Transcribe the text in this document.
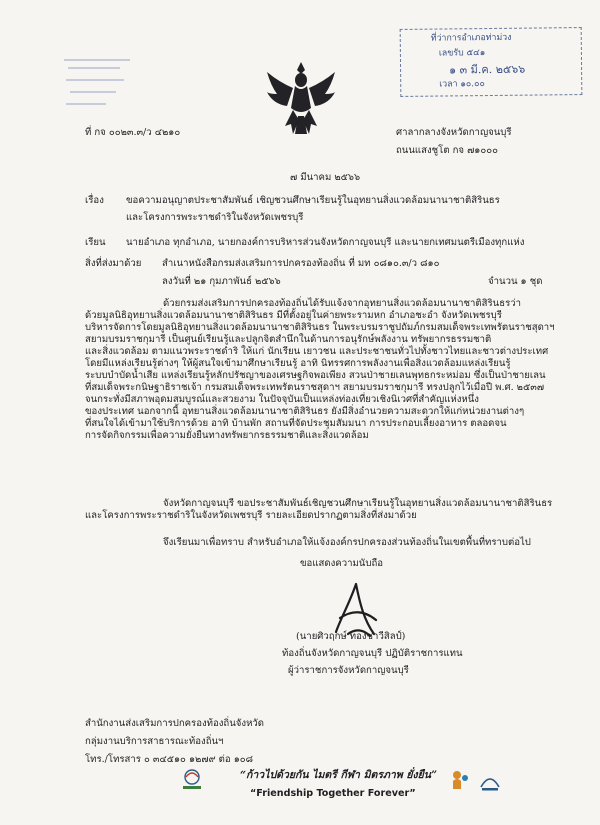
ที่ว่าการอำเภอท่าม่วง
เลขรับ ๕๔๑
๑ ๓ มี.ค. ๒๕๖๖
เวลา ๑๐.๐๐
ที่ กจ ๐๐๒๓.๓/ว ๔๒๑๐	ศาลากลางจังหวัดกาญจนบุรี
ถนนแสงชูโต กจ ๗๑๐๐๐
๗ มีนาคม ๒๕๖๖
เรื่อง ขอความอนุญาตประชาสัมพันธ์ เชิญชวนศึกษาเรียนรู้ในอุทยานสิ่งแวดล้อมนานาชาติสิรินธร
และโครงการพระราชดำริในจังหวัดเพชรบุรี
เรียน นายอำเภอ ทุกอำเภอ, นายกองค์การบริหารส่วนจังหวัดกาญจนบุรี และนายกเทศมนตรีเมืองทุกแห่ง
สิ่งที่ส่งมาด้วย สำเนาหนังสือกรมส่งเสริมการปกครองท้องถิ่น ที่ มท ๐๘๑๐.๓/ว ๘๑๐
ลงวันที่ ๒๑ กุมภาพันธ์ ๒๕๖๖	จำนวน ๑ ชุด
ด้วยกรมส่งเสริมการปกครองท้องถิ่นได้รับแจ้งจากอุทยานสิ่งแวดล้อมนานาชาติสิรินธรว่า
ด้วยมูลนิธิอุทยานสิ่งแวดล้อมนานาชาติสิรินธร มีที่ตั้งอยู่ในค่ายพระรามหก อำเภอชะอำ จังหวัดเพชรบุรี
บริหารจัดการโดยมูลนิธิอุทยานสิ่งแวดล้อมนานาชาติสิรินธร ในพระบรมราชูปถัมภ์กรมสมเด็จพระเทพรัตนราชสุดาฯ
สยามบรมราชกุมารี เป็นศูนย์เรียนรู้และปลูกจิตสำนึกในด้านการอนุรักษ์พลังงาน ทรัพยากรธรรมชาติ
และสิ่งแวดล้อม ตามแนวพระราชดำริ ให้แก่ นักเรียน เยาวชน และประชาชนทั่วไปทั้งชาวไทยและชาวต่างประเทศ
โดยมีแหล่งเรียนรู้ต่างๆ ให้ผู้สนใจเข้ามาศึกษาเรียนรู้ อาทิ นิทรรศการพลังงานเพื่อสิ่งแวดล้อมแหล่งเรียนรู้
ระบบบำบัดน้ำเสีย แหล่งเรียนรู้หลักปรัชญาของเศรษฐกิจพอเพียง สวนป่าชายเลนพุทธกระหม่อม ซึ่งเป็นป่าชายเลน
ที่สมเด็จพระกนิษฐาธิราชเจ้า กรมสมเด็จพระเทพรัตนราชสุดาฯ สยามบรมราชกุมารี ทรงปลูกไว้เมื่อปี พ.ศ. ๒๕๓๗
จนกระทั่งมีสภาพอุดมสมบูรณ์และสวยงาม ในปัจจุบันเป็นแหล่งท่องเที่ยวเชิงนิเวศที่สำคัญแห่งหนึ่ง
ของประเทศ นอกจากนี้ อุทยานสิ่งแวดล้อมนานาชาติสิรินธร ยังมีสิ่งอำนวยความสะดวกให้แก่หน่วยงานต่างๆ
ที่สนใจได้เข้ามาใช้บริการด้วย อาทิ บ้านพัก สถานที่จัดประชุมสัมมนา การประกอบเลี้ยงอาหาร ตลอดจน
การจัดกิจกรรมเพื่อความยั่งยืนทางทรัพยากรธรรมชาติและสิ่งแวดล้อม
จังหวัดกาญจนบุรี ขอประชาสัมพันธ์เชิญชวนศึกษาเรียนรู้ในอุทยานสิ่งแวดล้อมนานาชาติสิรินธร
และโครงการพระราชดำริในจังหวัดเพชรบุรี รายละเอียดปรากฏตามสิ่งที่ส่งมาด้วย
จึงเรียนมาเพื่อทราบ สำหรับอำเภอให้แจ้งองค์กรปกครองส่วนท้องถิ่นในเขตพื้นที่ทราบต่อไป
ขอแสดงความนับถือ
(นายศิวฤกษ์ ทองชาวีสิลป์)
ท้องถิ่นจังหวัดกาญจนบุรี ปฏิบัติราชการแทน
ผู้ว่าราชการจังหวัดกาญจนบุรี
สำนักงานส่งเสริมการปกครองท้องถิ่นจังหวัด
กลุ่มงานบริการสาธารณะท้องถิ่นฯ
โทร./โทรสาร ๐ ๓๔๕๑๐ ๑๒๗๙ ต่อ ๑๐๘
“ก้าวไปด้วยกัน ไมตรี กีฬา มิตรภาพ ยั่งยืน”
“Friendship Together Forever”
